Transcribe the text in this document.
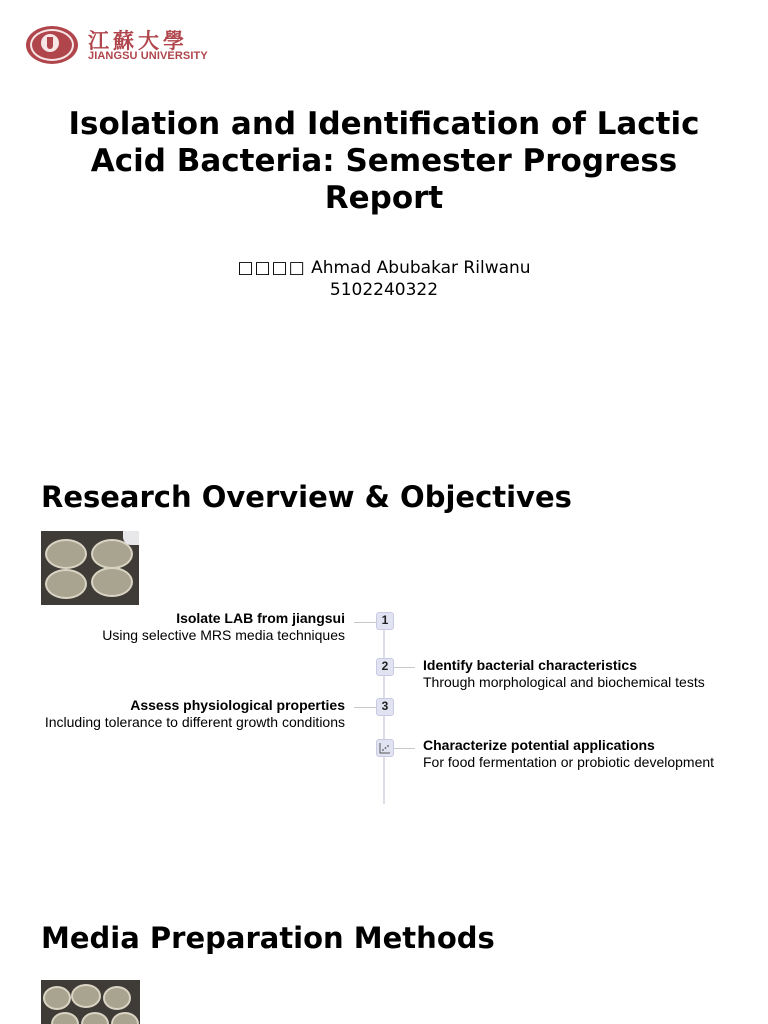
江蘇大學
JIANGSU UNIVERSITY
Isolation and Identification of Lactic Acid Bacteria: Semester Progress Report
□□□□ Ahmad Abubakar Rilwanu
5102240322
Research Overview & Objectives
1
Isolate LAB from jiangsui
Using selective MRS media techniques
2	Identify bacterial characteristics
Through morphological and biochemical tests
3
Assess physiological properties
Including tolerance to different growth conditions
Characterize potential applications
For food fermentation or probiotic development
Media Preparation Methods
